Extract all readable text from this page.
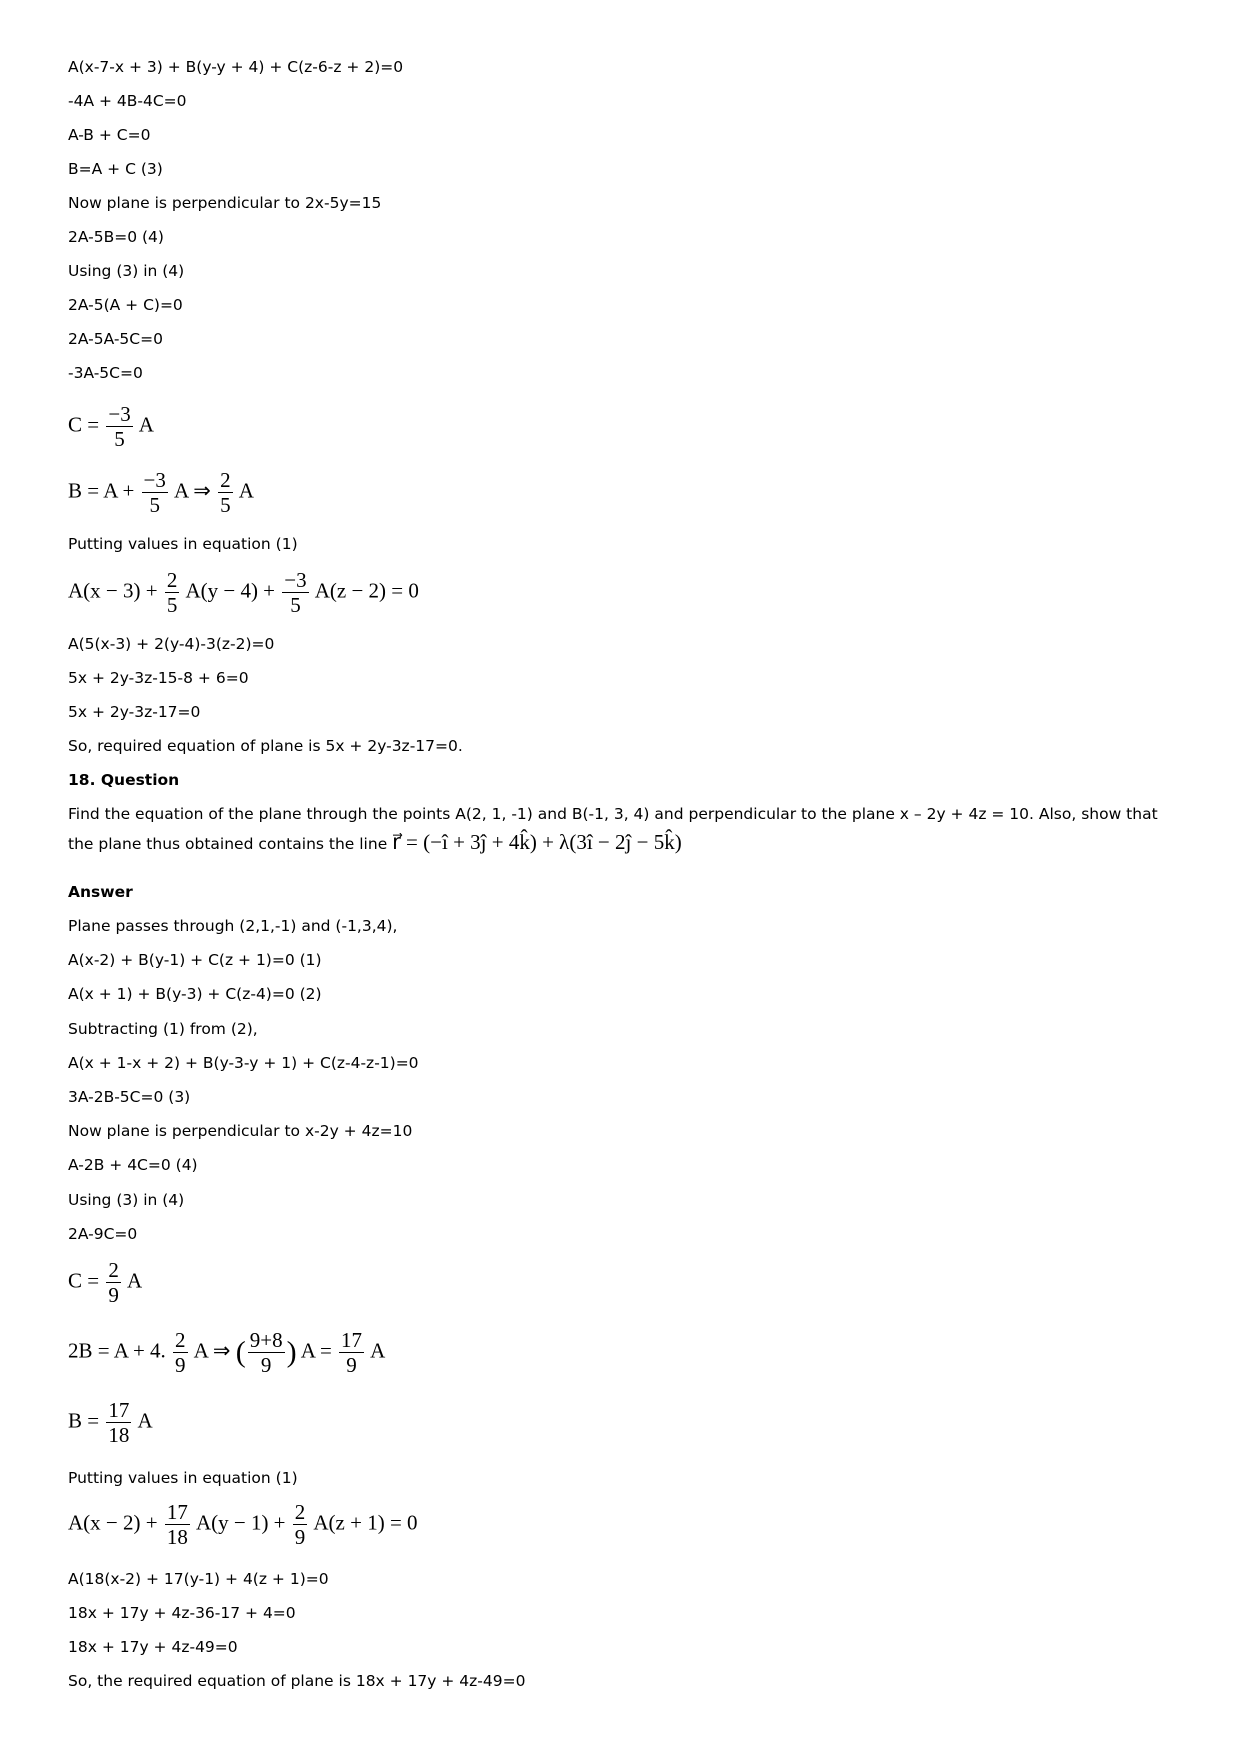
A(x-7-x + 3) + B(y-y + 4) + C(z-6-z + 2)=0
-4A + 4B-4C=0
A-B + C=0
B=A + C (3)
Now plane is perpendicular to 2x-5y=15
2A-5B=0 (4)
Using (3) in (4)
2A-5(A + C)=0
2A-5A-5C=0
-3A-5C=0
$C = \frac{-3}{5}$ A
$B = A + \frac{-3}{5}$ A ⇒ $\frac{2}{5}$ A
Putting values in equation (1)
$A(x - 3) + \frac{2}{5} A(y - 4) + \frac{-3}{5} A(z - 2) = 0$
A(5(x-3) + 2(y-4)-3(z-2)=0
5x + 2y-3z-15-8 + 6=0
5x + 2y-3z-17=0
So, required equation of plane is 5x + 2y-3z-17=0.
18. Question
Find the equation of the plane through the points A(2, 1, -1) and B(-1, 3, 4) and perpendicular to the plane x – 2y + 4z = 10. Also, show that the plane thus obtained contains the line r⃗ = (−î + 3ĵ + 4k̂) + λ(3î − 2ĵ − 5k̂)
Answer
Plane passes through (2,1,-1) and (-1,3,4),
A(x-2) + B(y-1) + C(z + 1)=0 (1)
A(x + 1) + B(y-3) + C(z-4)=0 (2)
Subtracting (1) from (2),
A(x + 1-x + 2) + B(y-3-y + 1) + C(z-4-z-1)=0
3A-2B-5C=0 (3)
Now plane is perpendicular to x-2y + 4z=10
A-2B + 4C=0 (4)
Using (3) in (4)
2A-9C=0
$C = \frac{2}{9}$ A
2B = A + 4. $\frac{2}{9}$ A ⇒ ( $\frac{9+8}{9}$ ) $A = \frac{17}{9}$ A
$B = \frac{17}{18}$ A
Putting values in equation (1)
$A(x - 2) + \frac{17}{18} A(y - 1) + \frac{2}{9} A(z + 1) = 0$
A(18(x-2) + 17(y-1) + 4(z + 1)=0
18x + 17y + 4z-36-17 + 4=0
18x + 17y + 4z-49=0
So, the required equation of plane is 18x + 17y + 4z-49=0
